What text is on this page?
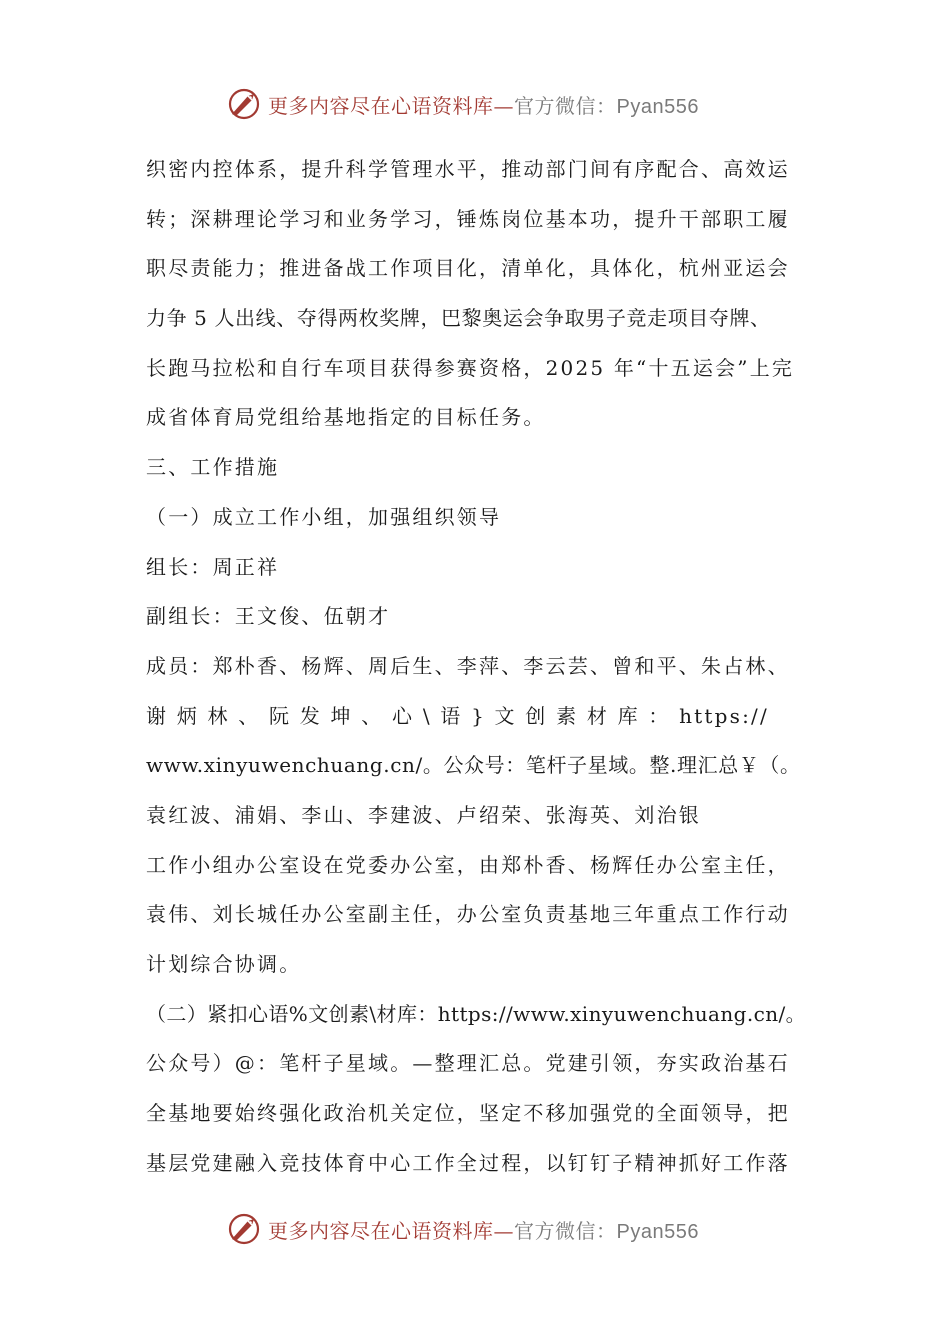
更多内容尽在心语资料库—官方微信：Pyan556
织密内控体系，提升科学管理水平，推动部门间有序配合、高效运
转；深耕理论学习和业务学习，锤炼岗位基本功，提升干部职工履
职尽责能力；推进备战工作项目化，清单化，具体化，杭州亚运会
力争 5 人出线、夺得两枚奖牌，巴黎奥运会争取男子竞走项目夺牌、
长跑马拉松和自行车项目获得参赛资格，2025 年“十五运会”上完
成省体育局党组给基地指定的目标任务。
三、工作措施
（一）成立工作小组，加强组织领导
组长：周正祥
副组长：王文俊、伍朝才
成员：郑朴香、杨辉、周后生、李萍、李云芸、曾和平、朱占林、
谢 炳 林 、 阮 发 坤 、 心 \ 语 } 文 创 素 材 库 ： https://
www.xinyuwenchuang.cn/。公众号：笔杆子星域。整.理汇总￥（。
袁红波、浦娟、李山、李建波、卢绍荣、张海英、刘治银
工作小组办公室设在党委办公室，由郑朴香、杨辉任办公室主任，
袁伟、刘长城任办公室副主任，办公室负责基地三年重点工作行动
计划综合协调。
（二）紧扣心语%文创素\材库：https://www.xinyuwenchuang.cn/。
公众号）@：笔杆子星域。—整理汇总。党建引领，夯实政治基石
全基地要始终强化政治机关定位，坚定不移加强党的全面领导，把
基层党建融入竞技体育中心工作全过程，以钉钉子精神抓好工作落
更多内容尽在心语资料库—官方微信：Pyan556
